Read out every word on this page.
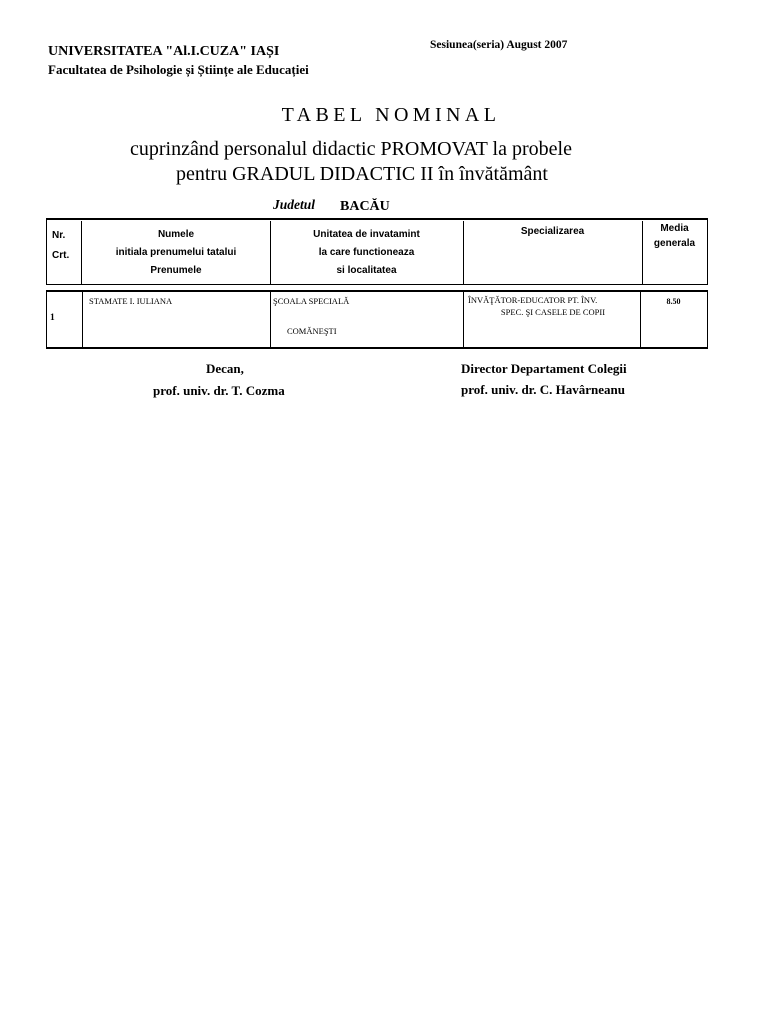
UNIVERSITATEA "Al.I.CUZA" IAȘI
Facultatea de Psihologie și Științe ale Educației
Sesiunea(seria) August 2007
TABEL NOMINAL
cuprinzând personalul didactic PROMOVAT la probele
pentru GRADUL DIDACTIC II în învătământ
Judetul BACĂU
Nr.
Crt.
Numele
initiala prenumelui tatalui
Prenumele
Unitatea de invatamint
la care functioneaza
si localitatea
Specializarea	Media
generala
1
STAMATE I. IULIANA	ŞCOALA SPECIALĂ
COMĂNEŞTI
ÎNVĂŢĂTOR-EDUCATOR PT. ÎNV.
SPEC. ŞI CASELE DE COPII
8.50
Decan,
prof. univ. dr. T. Cozma
Director Departament Colegii
prof. univ. dr. C. Havârneanu
